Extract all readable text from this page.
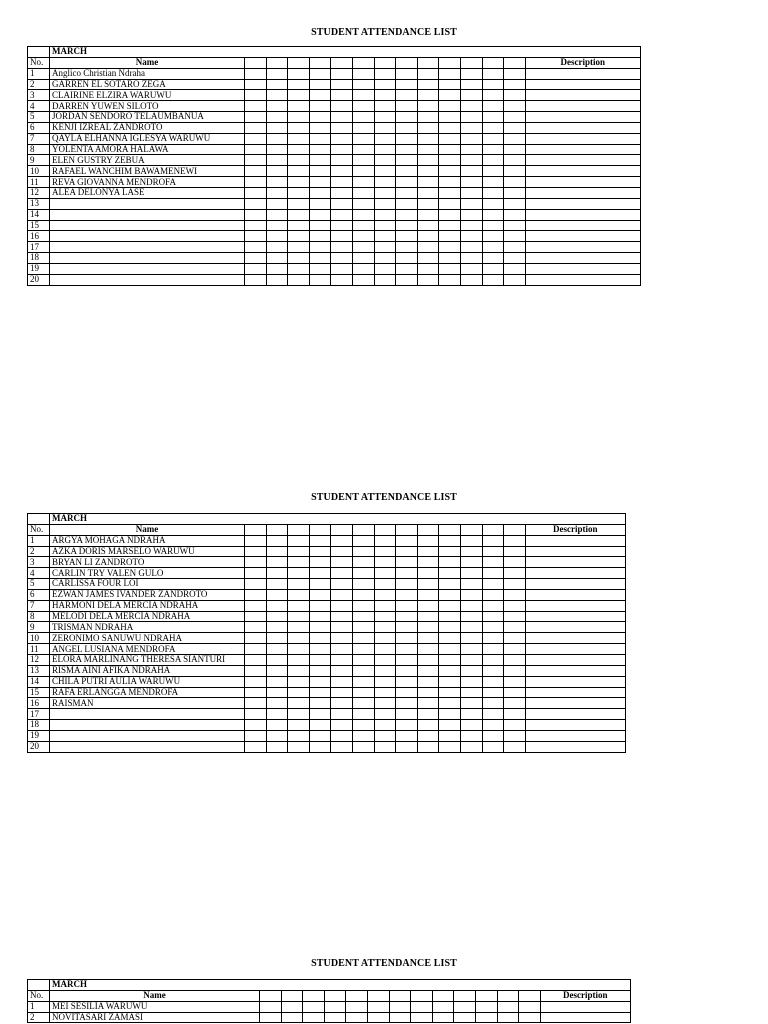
STUDENT ATTENDANCE LIST
	MARCH														
No.	Name														Description
1	Anglico Christian Ndraha														
2	GARREN EL SOTARO ZEGA														
3	CLAIRINE ELZIRA WARUWU														
4	DARREN YUWEN SILOTO														
5	JORDAN SENDORO TELAUMBANUA														
6	KENJI IZREAL ZANDROTO														
7	QAYLA ELHANNA IGLESYA WARUWU														
8	YOLENTA AMORA HALAWA														
9	ELEN GUSTRY ZEBUA														
10	RAFAEL WANCHIM BAWAMENEWI														
11	REVA GIOVANNA MENDROFA														
12	ALEA DELONYA LASE														
13															
14															
15															
16															
17															
18															
19															
20															
STUDENT ATTENDANCE LIST
	MARCH														
No.	Name														Description
1	ARGYA MOHAGA NDRAHA														
2	AZKA DORIS MARSELO WARUWU														
3	BRYAN LI ZANDROTO														
4	CARLIN TRY VALEN GULO														
5	CARLISSA FOUR LOI														
6	EZWAN JAMES IVANDER ZANDROTO														
7	HARMONI DELA MERCIA NDRAHA														
8	MELODI DELA MERCIA NDRAHA														
9	TRISMAN NDRAHA														
10	ZERONIMO SANUWU NDRAHA														
11	ANGEL LUSIANA MENDROFA														
12	ELORA MARLINANG THERESA SIANTURI														
13	RISMA AINI AFIKA NDRAHA														
14	CHILA PUTRI AULIA WARUWU														
15	RAFA ERLANGGA MENDROFA														
16	RAISMAN														
17															
18															
19															
20															
STUDENT ATTENDANCE LIST
	MARCH														
No.	Name														Description
1	MEI SESILIA WARUWU														
2	NOVITASARI ZAMASI														
